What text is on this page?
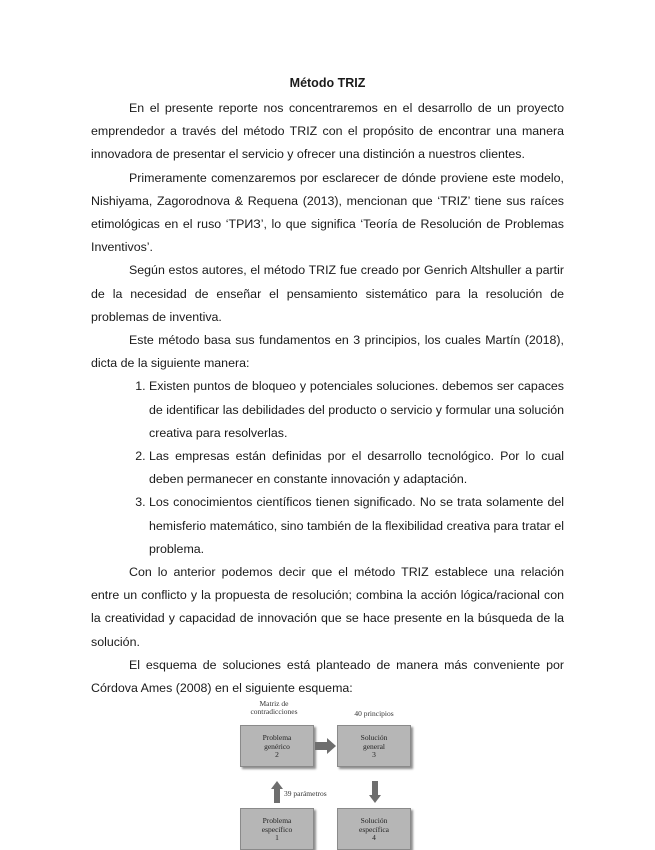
Método TRIZ

En el presente reporte nos concentraremos en el desarrollo de un proyecto emprendedor a través del método TRIZ con el propósito de encontrar una manera innovadora de presentar el servicio y ofrecer una distinción a nuestros clientes.

Primeramente comenzaremos por esclarecer de dónde proviene este modelo, Nishiyama, Zagorodnova & Requena (2013), mencionan que ‘TRIZ’ tiene sus raíces etimológicas en el ruso ‘ТРИЗ’, lo que significa ‘Teoría de Resolución de Problemas Inventivos’.

Según estos autores, el método TRIZ fue creado por Genrich Altshuller a partir de la necesidad de enseñar el pensamiento sistemático para la resolución de problemas de inventiva.

Este método basa sus fundamentos en 3 principios, los cuales Martín (2018), dicta de la siguiente manera:

1. Existen puntos de bloqueo y potenciales soluciones. debemos ser capaces de identificar las debilidades del producto o servicio y formular una solución creativa para resolverlas.
2. Las empresas están definidas por el desarrollo tecnológico. Por lo cual deben permanecer en constante innovación y adaptación.
3. Los conocimientos científicos tienen significado. No se trata solamente del hemisferio matemático, sino también de la flexibilidad creativa para tratar el problema.

Con lo anterior podemos decir que el método TRIZ establece una relación entre un conflicto y la propuesta de resolución; combina la acción lógica/racional con la creatividad y capacidad de innovación que se hace presente en la búsqueda de la solución.

El esquema de soluciones está planteado de manera más conveniente por Córdova Ames (2008) en el siguiente esquema:

Matriz de
contradicciones	40 principios
Problema
genérico
2
Solución
general
3
39 parámetros
Problema
específico
1
Solución
específica
4
